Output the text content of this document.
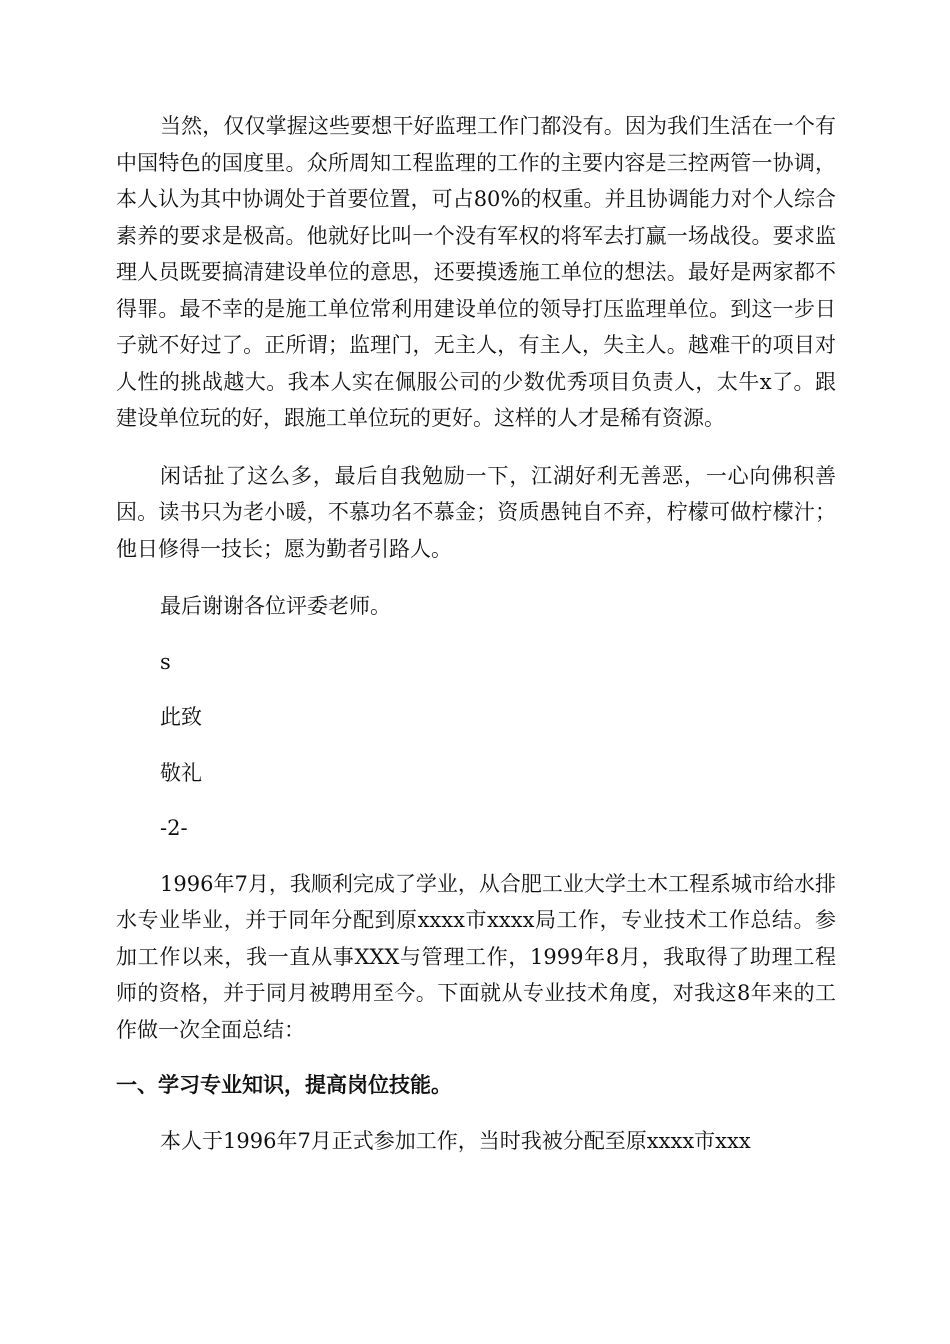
当然，仅仅掌握这些要想干好监理工作门都没有。因为我们生活在一个有中国特色的国度里。众所周知工程监理的工作的主要内容是三控两管一协调，本人认为其中协调处于首要位置，可占80%的权重。并且协调能力对个人综合素养的要求是极高。他就好比叫一个没有军权的将军去打赢一场战役。要求监理人员既要搞清建设单位的意思，还要摸透施工单位的想法。最好是两家都不得罪。最不幸的是施工单位常利用建设单位的领导打压监理单位。到这一步日子就不好过了。正所谓；监理门，无主人，有主人，失主人。越难干的项目对人性的挑战越大。我本人实在佩服公司的少数优秀项目负责人，太牛x了。跟建设单位玩的好，跟施工单位玩的更好。这样的人才是稀有资源。

闲话扯了这么多，最后自我勉励一下，江湖好利无善恶，一心向佛积善因。读书只为老小暖，不慕功名不慕金；资质愚钝自不弃，柠檬可做柠檬汁；他日修得一技长；愿为勤者引路人。

最后谢谢各位评委老师。

s

此致

敬礼

-2-

1996年7月，我顺利完成了学业，从合肥工业大学土木工程系城市给水排水专业毕业，并于同年分配到原xxxx市xxxx局工作，专业技术工作总结。参加工作以来，我一直从事XXX与管理工作，1999年8月，我取得了助理工程师的资格，并于同月被聘用至今。下面就从专业技术角度，对我这8年来的工作做一次全面总结：

一、学习专业知识，提高岗位技能。

本人于1996年7月正式参加工作，当时我被分配至原xxxx市xxx
